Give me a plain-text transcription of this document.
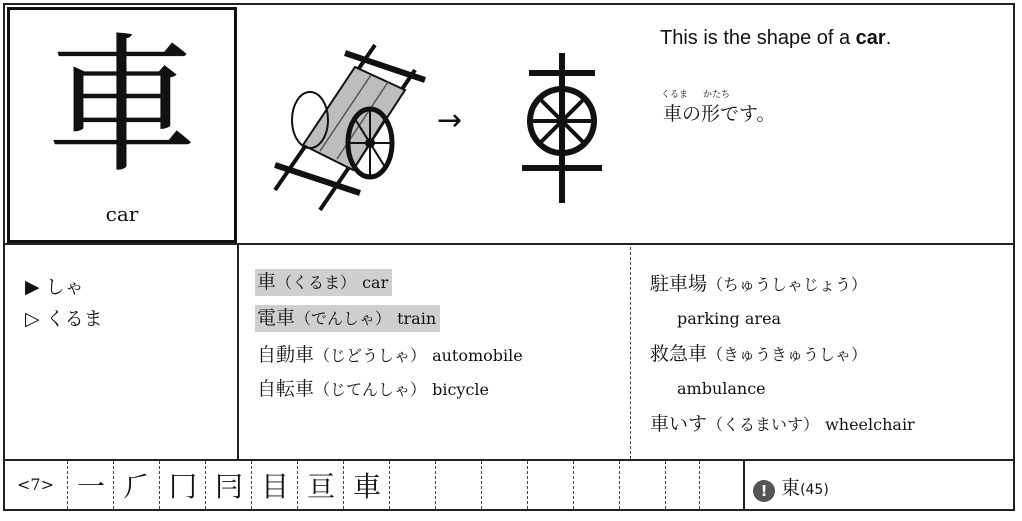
車
car
→
This is the shape of a car.
くるま かたち
車の形です。
▶ しゃ
▷ くるま
車（くるま） car
電車（でんしゃ） train
自動車（じどうしゃ） automobile
自転車（じてんしゃ） bicycle
駐車場（ちゅうしゃじょう）
parking area
救急車（きゅうきゅうしゃ）
ambulance
車いす（くるまいす） wheelchair
<7> 一 ⺁ 冂 冃 目 亘 車	! 東(45)
